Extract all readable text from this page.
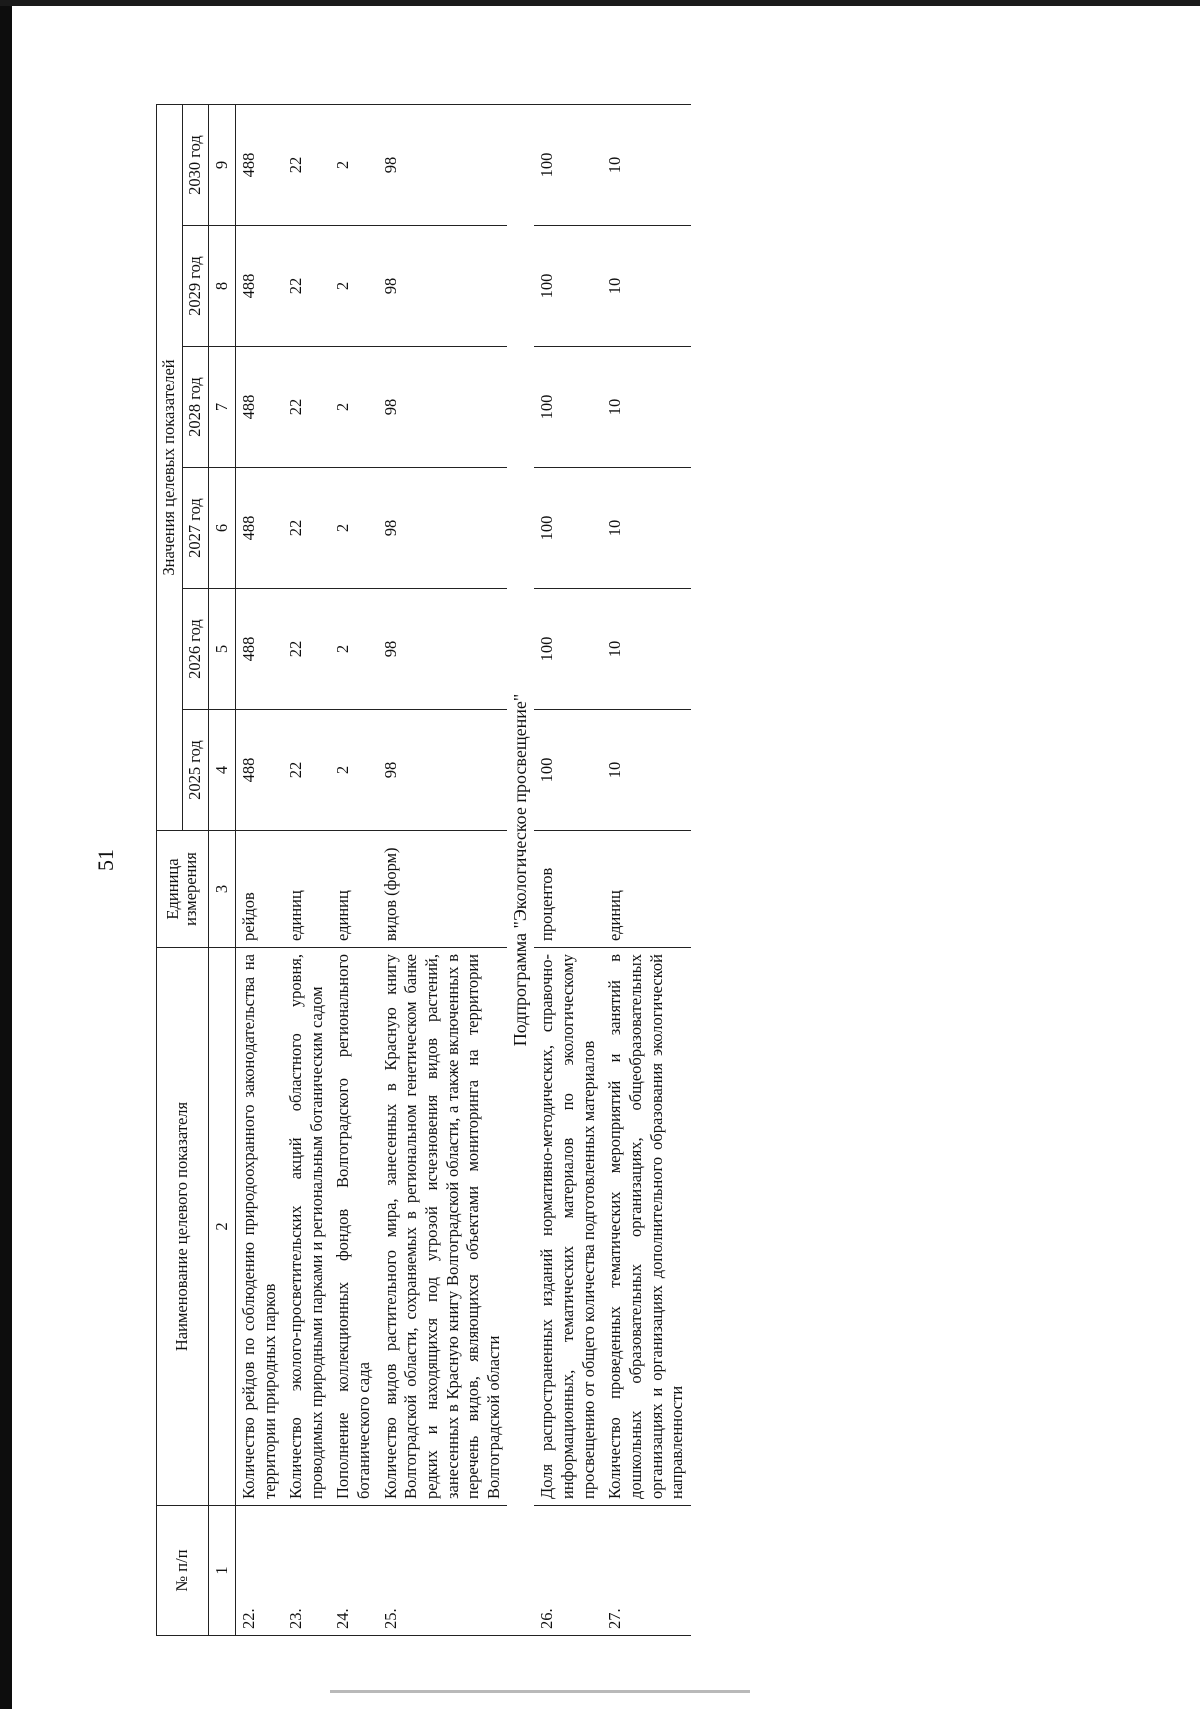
51
№ п/п	Наименование целевого показателя	Единица измерения	Значения целевых показателей					
			2025 год	2026 год	2027 год	2028 год	2029 год	2030 год
1	2	3	4	5	6	7	8	9
22.	Количество рейдов по соблюдению природоохранного законодательства на территории природных парков	рейдов	488	488	488	488	488	488
23.	Количество эколого-просветительских акций областного уровня, проводимых природными парками и региональным ботаническим садом	единиц	22	22	22	22	22	22
24.	Пополнение коллекционных фондов Волгоградского регионального ботанического сада	единиц	2	2	2	2	2	2
25.	Количество видов растительного мира, занесенных в Красную книгу Волгоградской области, сохраняемых в региональном генетическом банке редких и находящихся под угрозой исчезновения видов растений, занесенных в Красную книгу Волгоградской области, а также включенных в перечень видов, являющихся объектами мониторинга на территории Волгоградской области	видов (форм)	98	98	98	98	98	98
Подпрограмма "Экологическое просвещение"								
26.	Доля распространенных изданий нормативно-методических, справочно-информационных, тематических материалов по экологическому просвещению от общего количества подготовленных материалов	процентов	100	100	100	100	100	100
27.	Количество проведенных тематических мероприятий и занятий в дошкольных образовательных организациях, общеобразовательных организациях и организациях дополнительного образования экологической направленности	единиц	10	10	10	10	10	10
